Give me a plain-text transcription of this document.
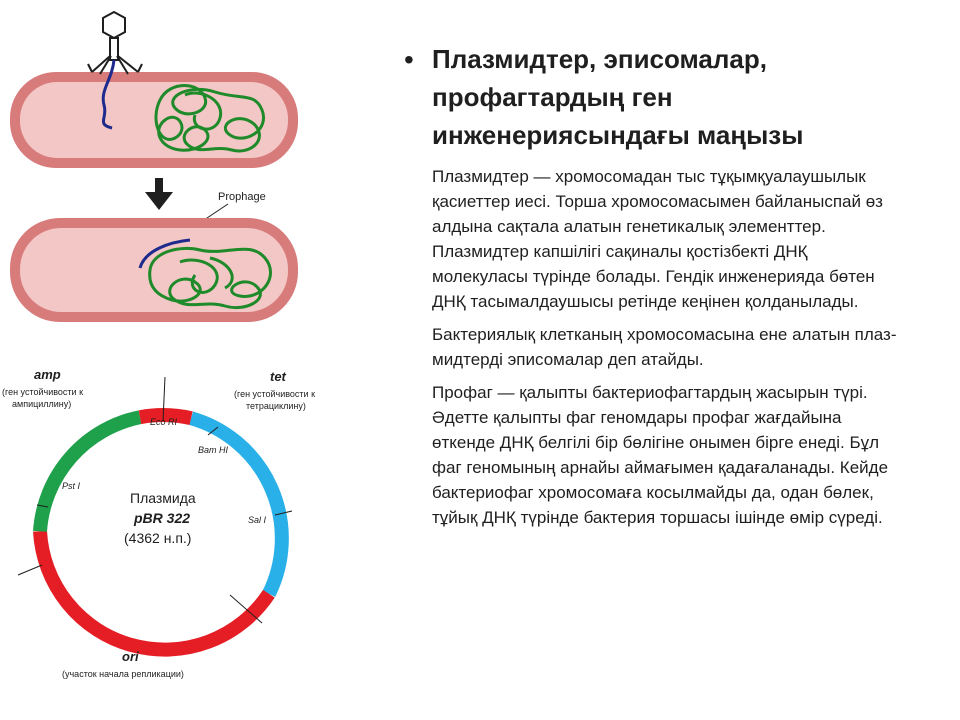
Prophage
Eco RI
Bam HI
Sal I
Pst I
amp
(ген устойчивости к
ампициллину)
tet
(ген устойчивости к
тетрациклину)
Плазмида
pBR 322
(4362 н.п.)
ori
(участок начала репликации)
• Плазмидтер, эписомалар, профагтардың ген инженериясындағы маңызы

Плазмидтер — хромосомадан тыс тұқымқуалаушылык қасиеттер иесі. Торша хромосомасымен байланыспай өз алдына сақтала алатын генетикалық элементтер. Плазмидтер капшілігі сақиналы қостізбекті ДНҚ молекуласы түрінде болады. Гендік инженерияда бөтен ДНҚ тасымалдаушысы ретінде кеңінен қолданылады.

Бактериялық клетканың хромосомасына ене алатын плаз-мидтерді эписомалар деп атайды.

Профаг — қалыпты бактериофагтардың жасырын түрі. Әдетте қалыпты фаг геномдары профаг жағдайына өткенде ДНҚ белгілі бір бөлігіне онымен бірге енеді. Бұл фаг геномының арнайы аймағымен қадағаланады. Кейде бактериофаг хромосомаға косылмайды да, одан бөлек, тұйық ДНҚ түрінде бактерия торшасы ішінде өмір сүреді.
